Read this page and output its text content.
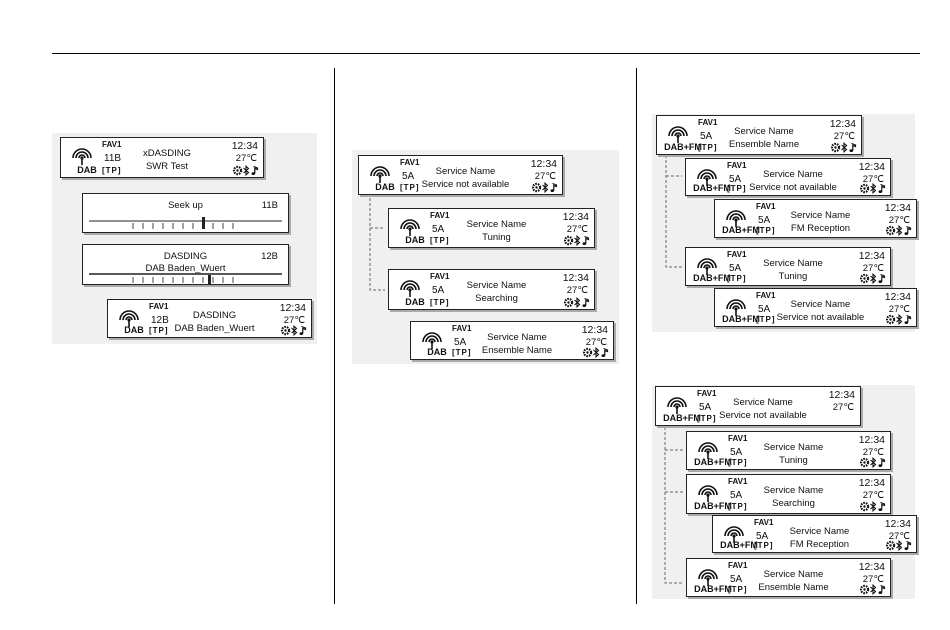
DAB
FAV1
11B
[TP]
xDASDING
SWR Test
12:34
27℃
Seek up	11B
DASDING
DAB Baden_Wuert
12B
DAB
FAV1
12B
[TP]
DASDING
DAB Baden_Wuert
12:34
27℃
DAB
FAV1
5A
[TP]
Service Name
Service not available
12:34
27℃
DAB
FAV1
5A
[TP]
Service Name
Tuning
12:34
27℃
DAB
FAV1
5A
[TP]
Service Name
Searching
12:34
27℃
DAB
FAV1
5A
[TP]
Service Name
Ensemble Name
12:34
27℃
DAB+FM
FAV1
5A
[TP]
Service Name
Ensemble Name
12:34
27℃
DAB+FM
FAV1
5A
[TP]
Service Name
Service not available
12:34
27℃
DAB+FM
FAV1
5A
[TP]
Service Name
FM Reception
12:34
27℃
DAB+FM
FAV1
5A
[TP]
Service Name
Tuning
12:34
27℃
DAB+FM
FAV1
5A
[TP]
Service Name
Service not available
12:34
27℃
DAB+FM
FAV1
5A
[TP]
Service Name
Service not available
12:34
27℃
DAB+FM
FAV1
5A
[TP]
Service Name
Tuning
12:34
27℃
DAB+FM
FAV1
5A
[TP]
Service Name
Searching
12:34
27℃
DAB+FM
FAV1
5A
[TP]
Service Name
FM Reception
12:34
27℃
DAB+FM
FAV1
5A
[TP]
Service Name
Ensemble Name
12:34
27℃
